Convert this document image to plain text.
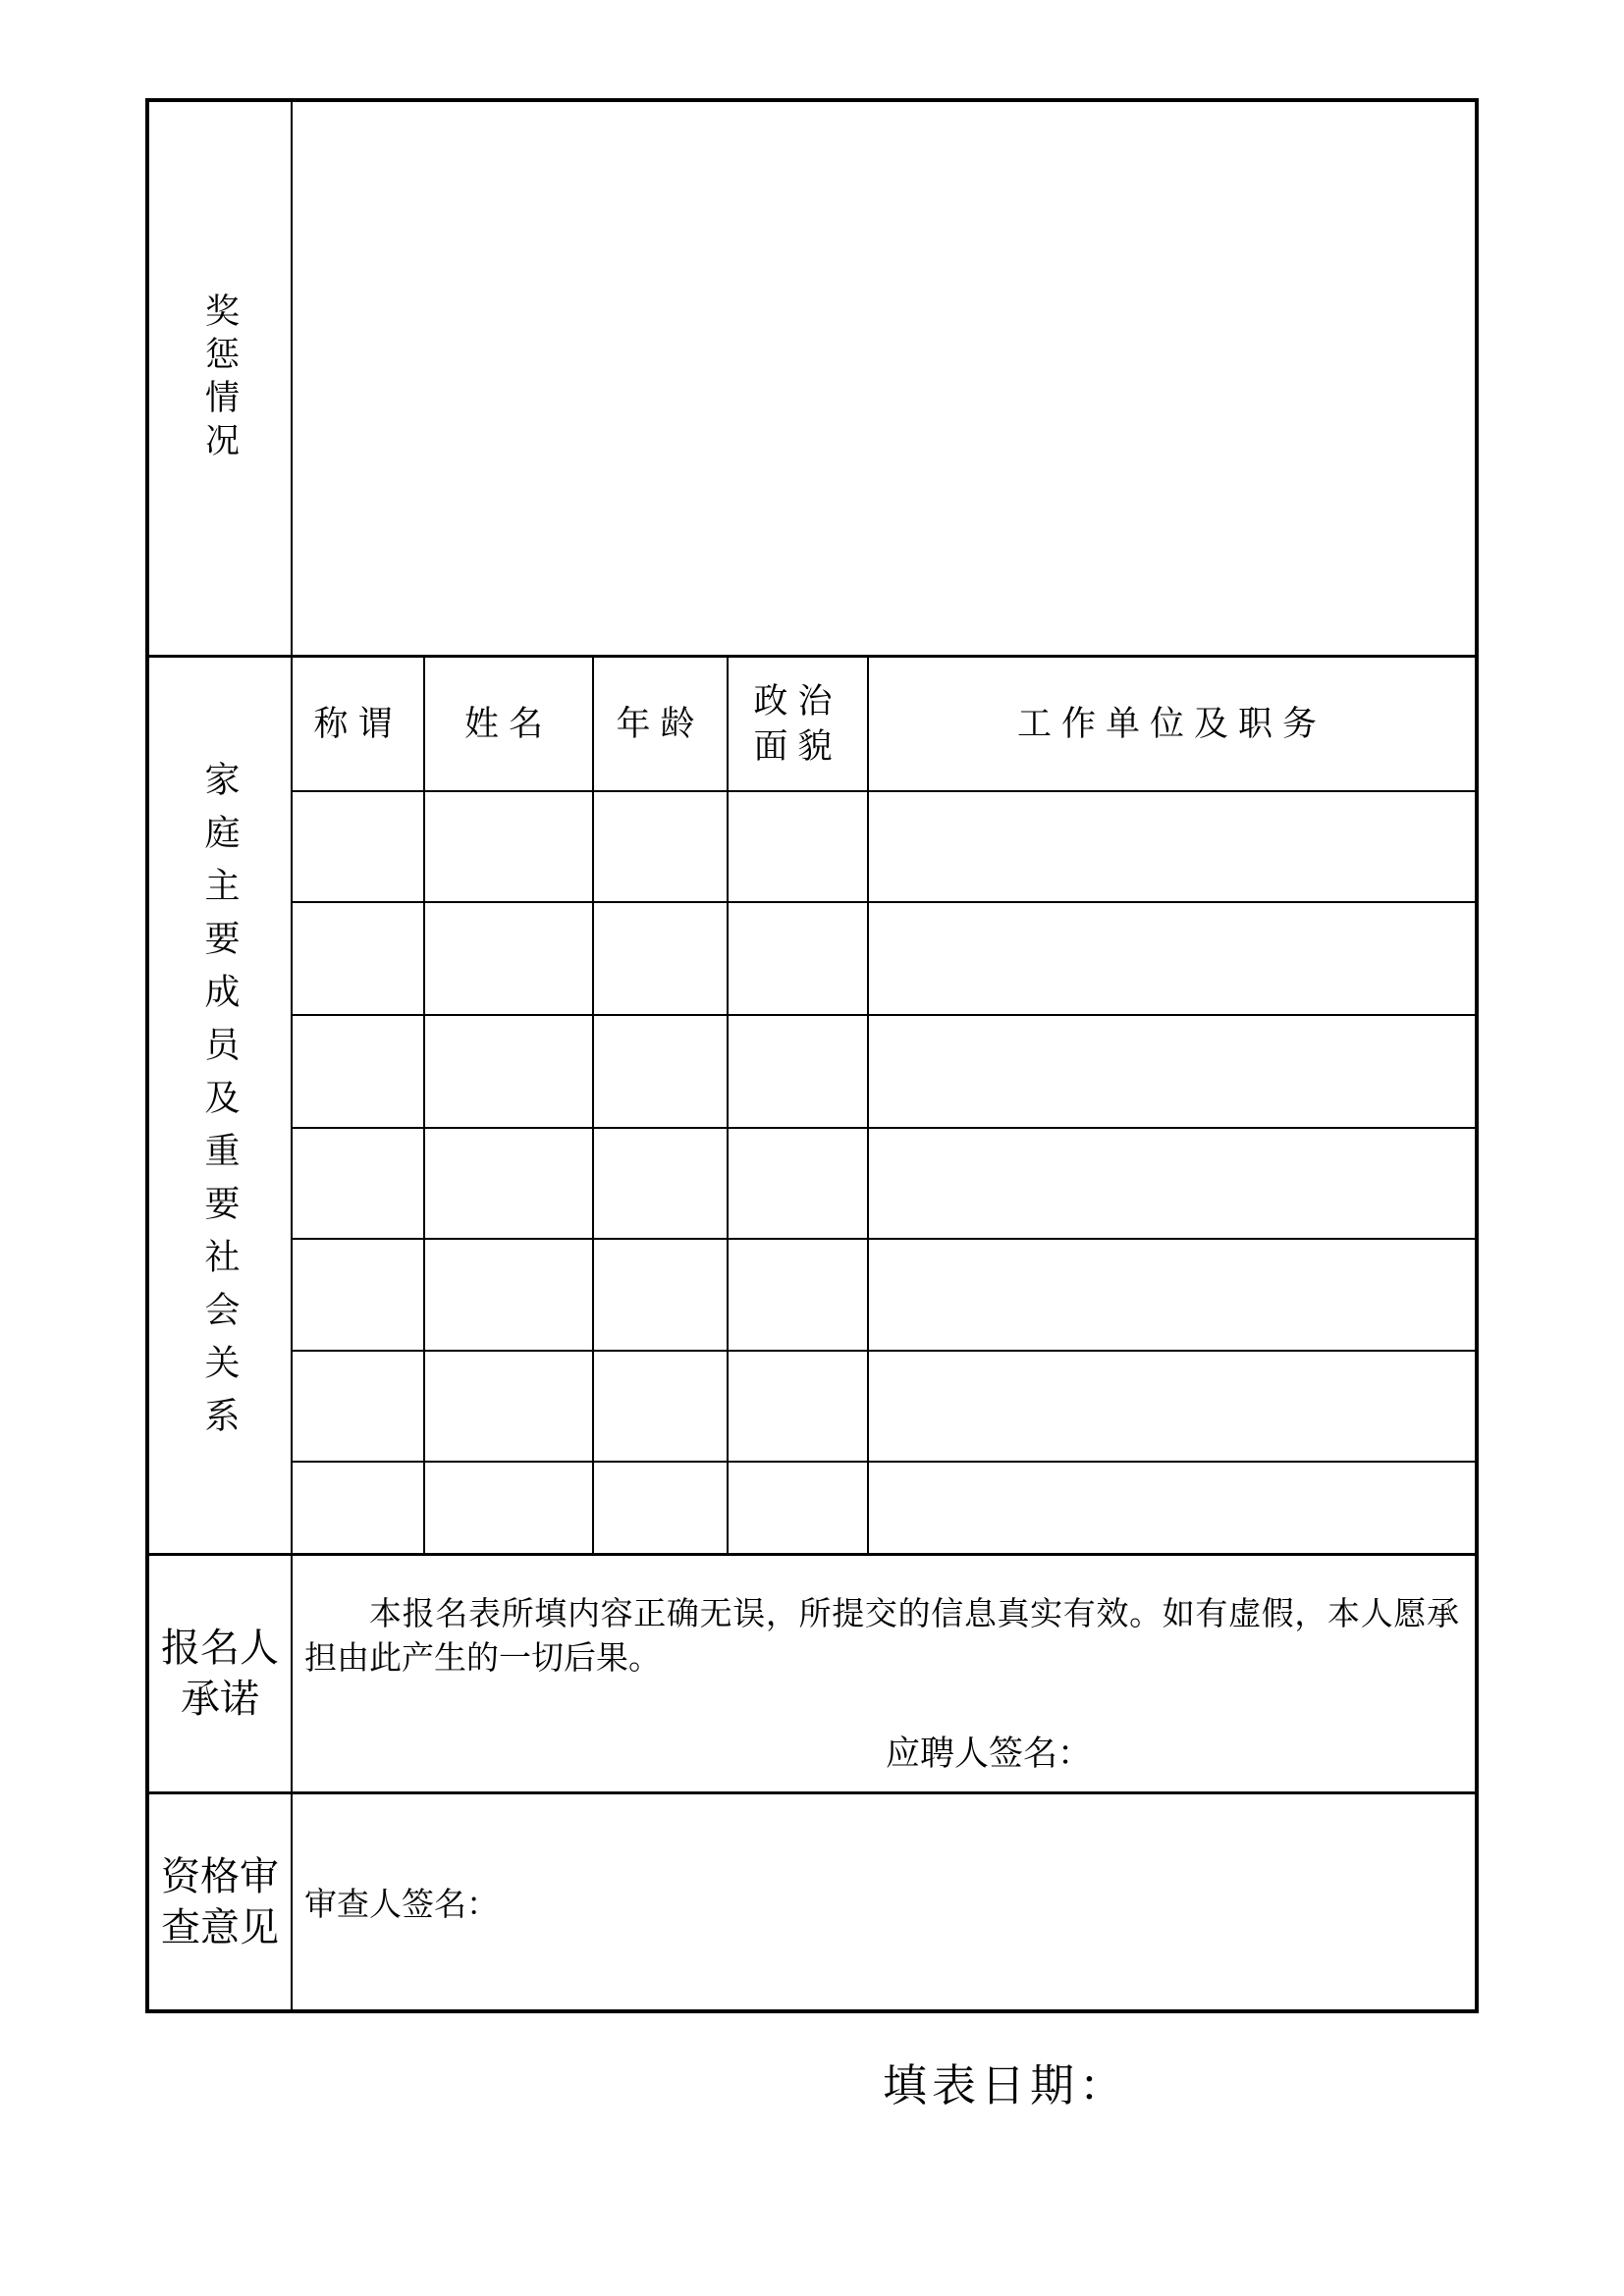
奖惩情况
家庭主要成员及重要社会关系
称谓 姓名 年龄
政治面貌
工作单位及职务
报名人承诺

本报名表所填内容正确无误，所提交的信息真实有效。如有虚假，本人愿承担由此产生的一切后果。

应聘人签名：
资格审查意见 审查人签名：
填表日期：
